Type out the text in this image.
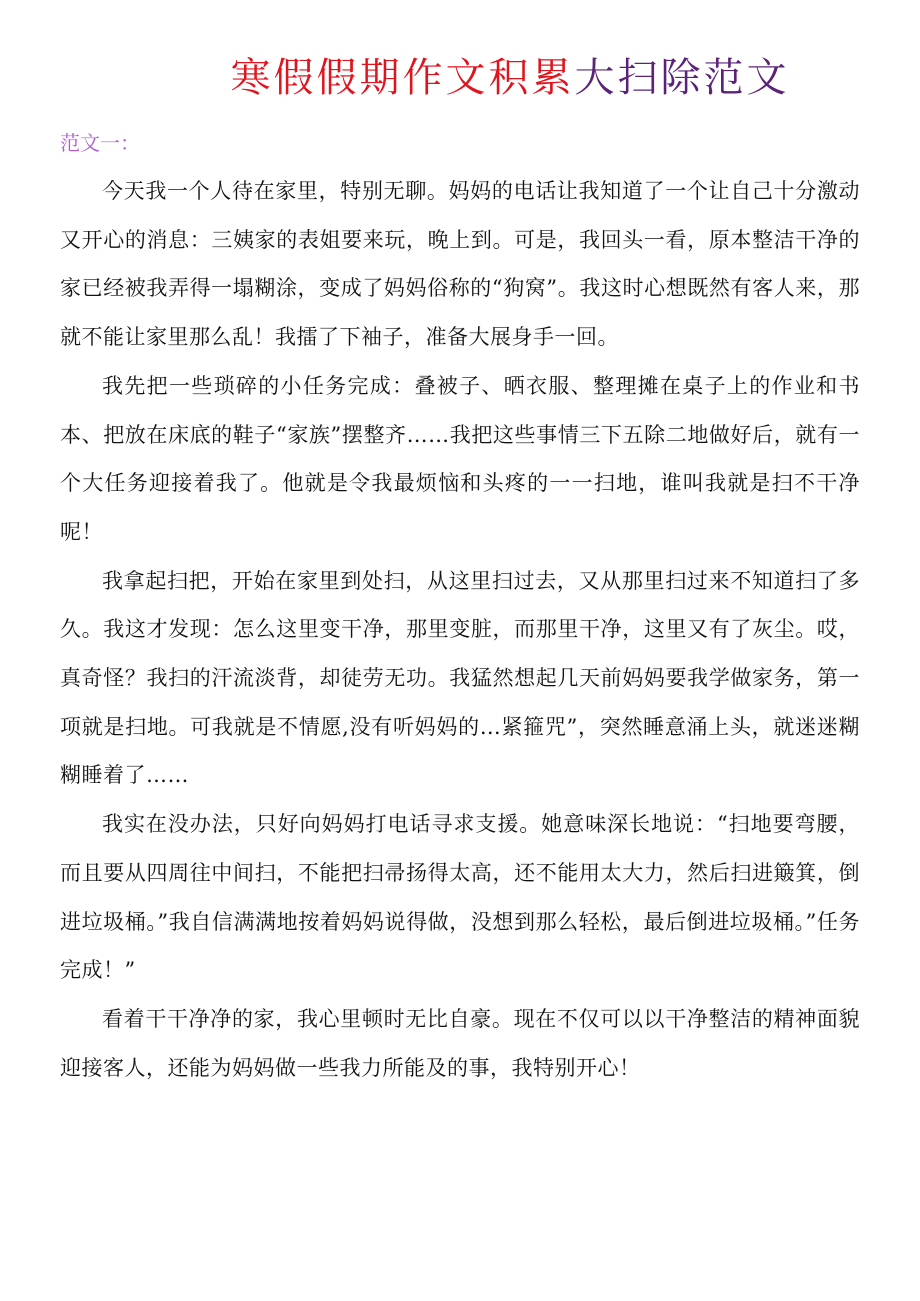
寒假假期作文积累大扫除范文
范文一：

今天我一个人待在家里，特别无聊。妈妈的电话让我知道了一个让自己十分激动又开心的消息：三姨家的表姐要来玩，晚上到。可是，我回头一看，原本整洁干净的家已经被我弄得一塌糊涂，变成了妈妈俗称的“狗窝”。我这时心想既然有客人来，那就不能让家里那么乱！我擂了下袖子，准备大展身手一回。

我先把一些琐碎的小任务完成：叠被子、晒衣服、整理摊在桌子上的作业和书本、把放在床底的鞋子“家族”摆整齐……我把这些事情三下五除二地做好后，就有一个大任务迎接着我了。他就是令我最烦恼和头疼的一一扫地，谁叫我就是扫不干净呢！

我拿起扫把，开始在家里到处扫，从这里扫过去，又从那里扫过来不知道扫了多久。我这才发现：怎么这里变干净，那里变脏，而那里干净，这里又有了灰尘。哎，真奇怪？我扫的汗流淡背，却徒劳无功。我猛然想起几天前妈妈要我学做家务，第一项就是扫地。可我就是不情愿,没有听妈妈的…紧箍咒”，突然睡意涌上头，就迷迷糊糊睡着了……

我实在没办法，只好向妈妈打电话寻求支援。她意味深长地说：“扫地要弯腰，而且要从四周往中间扫，不能把扫帚扬得太高，还不能用太大力，然后扫进簸箕，倒进垃圾桶。”我自信满满地按着妈妈说得做，没想到那么轻松，最后倒进垃圾桶。”任务完成！”

看着干干净净的家，我心里顿时无比自豪。现在不仅可以以干净整洁的精神面貌迎接客人，还能为妈妈做一些我力所能及的事，我特别开心！
